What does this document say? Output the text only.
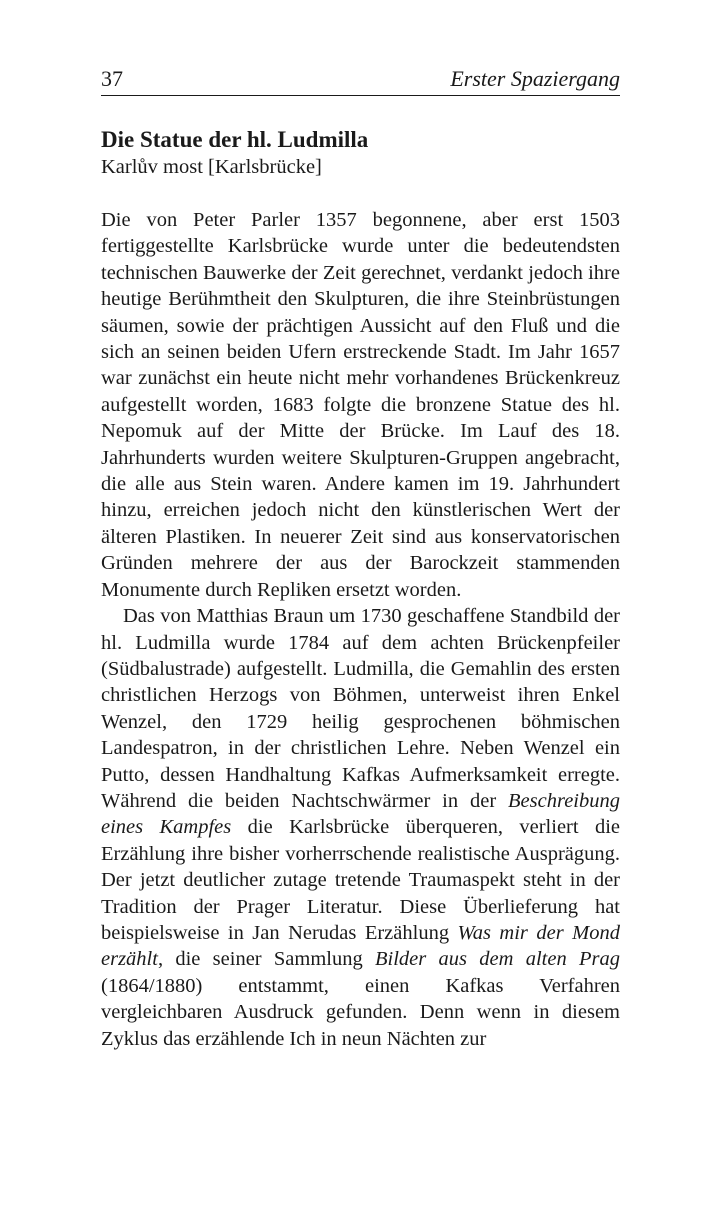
37	Erster Spaziergang
Die Statue der hl. Ludmilla
Karlův most [Karlsbrücke]

Die von Peter Parler 1357 begonnene, aber erst 1503 fertiggestellte Karlsbrücke wurde unter die bedeutendsten technischen Bauwerke der Zeit gerechnet, verdankt jedoch ihre heutige Berühmtheit den Skulpturen, die ihre Steinbrüstungen säumen, sowie der prächtigen Aussicht auf den Fluß und die sich an seinen beiden Ufern erstreckende Stadt. Im Jahr 1657 war zunächst ein heute nicht mehr vorhandenes Brückenkreuz aufgestellt worden, 1683 folgte die bronzene Statue des hl. Nepomuk auf der Mitte der Brücke. Im Lauf des 18. Jahrhunderts wurden weitere Skulpturen-Gruppen angebracht, die alle aus Stein waren. Andere kamen im 19. Jahrhundert hinzu, erreichen jedoch nicht den künstlerischen Wert der älteren Plastiken. In neuerer Zeit sind aus konservatorischen Gründen mehrere der aus der Barockzeit stammenden Monumente durch Repliken ersetzt worden.

Das von Matthias Braun um 1730 geschaffene Standbild der hl. Ludmilla wurde 1784 auf dem achten Brückenpfeiler (Südbalustrade) aufgestellt. Ludmilla, die Gemahlin des ersten christlichen Herzogs von Böhmen, unterweist ihren Enkel Wenzel, den 1729 heilig gesprochenen böhmischen Landespatron, in der christlichen Lehre. Neben Wenzel ein Putto, dessen Handhaltung Kafkas Aufmerksamkeit erregte. Während die beiden Nachtschwärmer in der Beschreibung eines Kampfes die Karlsbrücke überqueren, verliert die Erzählung ihre bisher vorherrschende realistische Ausprägung. Der jetzt deutlicher zutage tretende Traumaspekt steht in der Tradition der Prager Literatur. Diese Überlieferung hat beispielsweise in Jan Nerudas Erzählung Was mir der Mond erzählt, die seiner Sammlung Bilder aus dem alten Prag (1864/1880) entstammt, einen Kafkas Verfahren vergleichbaren Ausdruck gefunden. Denn wenn in diesem Zyklus das erzählende Ich in neun Nächten zur
